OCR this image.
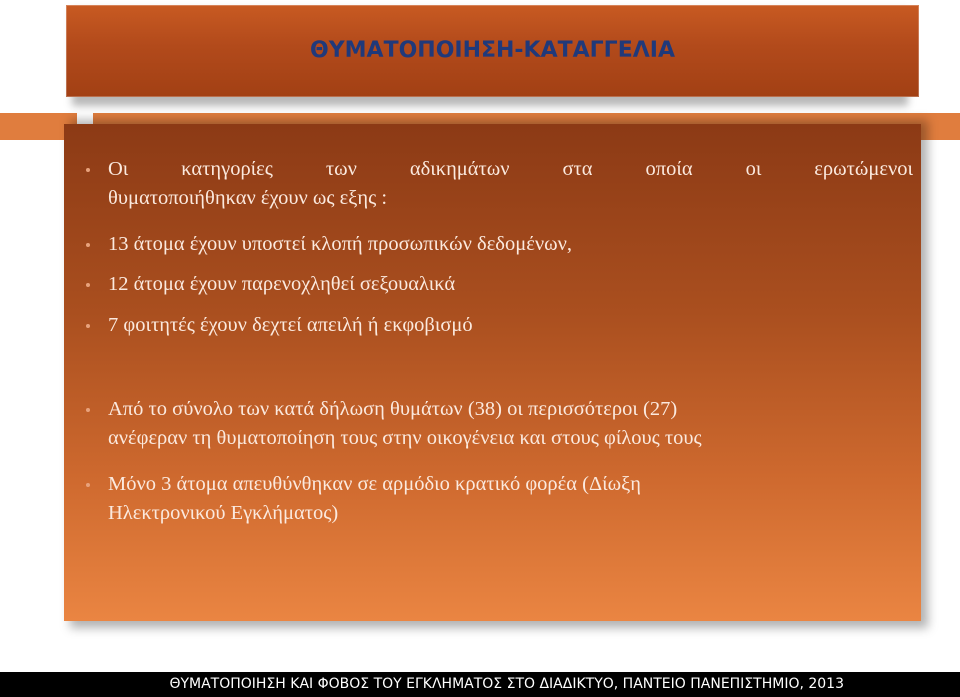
ΘΥΜΑΤΟΠΟΙΗΣΗ-ΚΑΤΑΓΓΕΛΙΑ
Οι κατηγορίες των αδικημάτων στα οποία οι ερωτώμενοι
θυματοποιήθηκαν έχουν ως εξης :
13 άτομα έχουν υποστεί κλοπή προσωπικών δεδομένων,
12 άτομα έχουν παρενοχληθεί σεξουαλικά
7 φοιτητές έχουν δεχτεί απειλή ή εκφοβισμό
Από το σύνολο των κατά δήλωση θυμάτων (38) οι περισσότεροι (27)
ανέφεραν τη θυματοποίηση τους στην οικογένεια και στους φίλους τους
Μόνο 3 άτομα απευθύνθηκαν σε αρμόδιο κρατικό φορέα (Δίωξη
Ηλεκτρονικού Εγκλήματος)
ΘΥΜΑΤΟΠΟΙΗΣΗ ΚΑΙ ΦΟΒΟΣ ΤΟΥ ΕΓΚΛΗΜΑΤΟΣ ΣΤΟ ΔΙΑΔΙΚΤΥΟ, ΠΑΝΤΕΙΟ ΠΑΝΕΠΙΣΤΗΜΙΟ, 2013
